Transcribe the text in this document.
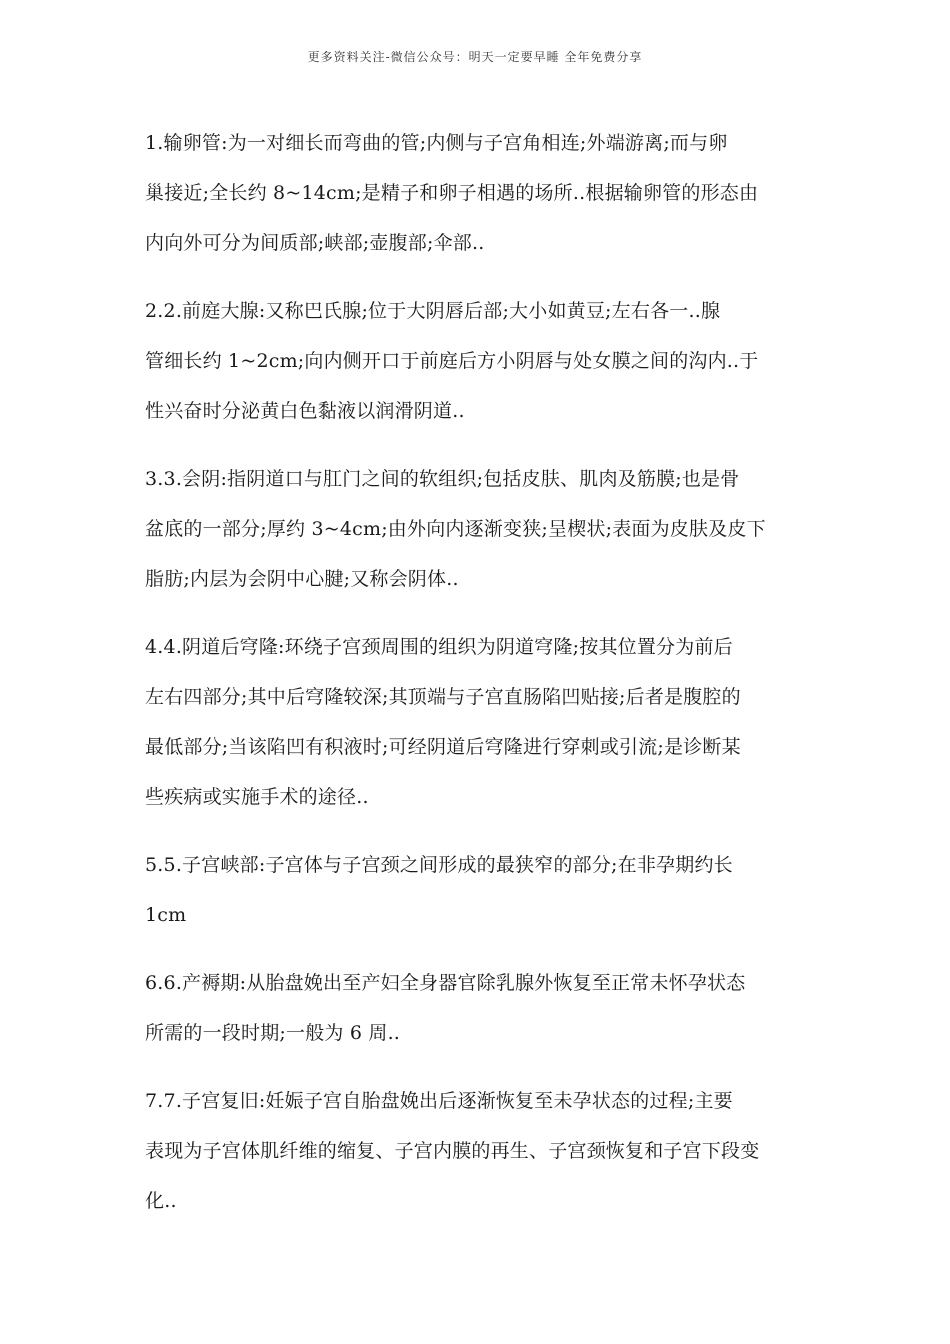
更多资料关注-微信公众号：明天一定要早睡 全年免费分享

1.输卵管:为一对细长而弯曲的管;内侧与子宫角相连;外端游离;而与卵
巢接近;全长约 8~14cm;是精子和卵子相遇的场所..根据输卵管的形态由
内向外可分为间质部;峡部;壶腹部;伞部..

2.2.前庭大腺:又称巴氏腺;位于大阴唇后部;大小如黄豆;左右各一..腺
管细长约 1~2cm;向内侧开口于前庭后方小阴唇与处女膜之间的沟内..于
性兴奋时分泌黄白色黏液以润滑阴道..

3.3.会阴:指阴道口与肛门之间的软组织;包括皮肤、肌肉及筋膜;也是骨
盆底的一部分;厚约 3~4cm;由外向内逐渐变狭;呈楔状;表面为皮肤及皮下
脂肪;内层为会阴中心腱;又称会阴体..

4.4.阴道后穹隆:环绕子宫颈周围的组织为阴道穹隆;按其位置分为前后
左右四部分;其中后穹隆较深;其顶端与子宫直肠陷凹贴接;后者是腹腔的
最低部分;当该陷凹有积液时;可经阴道后穹隆进行穿刺或引流;是诊断某
些疾病或实施手术的途径..

5.5.子宫峡部:子宫体与子宫颈之间形成的最狭窄的部分;在非孕期约长
1cm

6.6.产褥期:从胎盘娩出至产妇全身器官除乳腺外恢复至正常未怀孕状态
所需的一段时期;一般为 6 周..

7.7.子宫复旧:妊娠子宫自胎盘娩出后逐渐恢复至未孕状态的过程;主要
表现为子宫体肌纤维的缩复、子宫内膜的再生、子宫颈恢复和子宫下段变
化..
